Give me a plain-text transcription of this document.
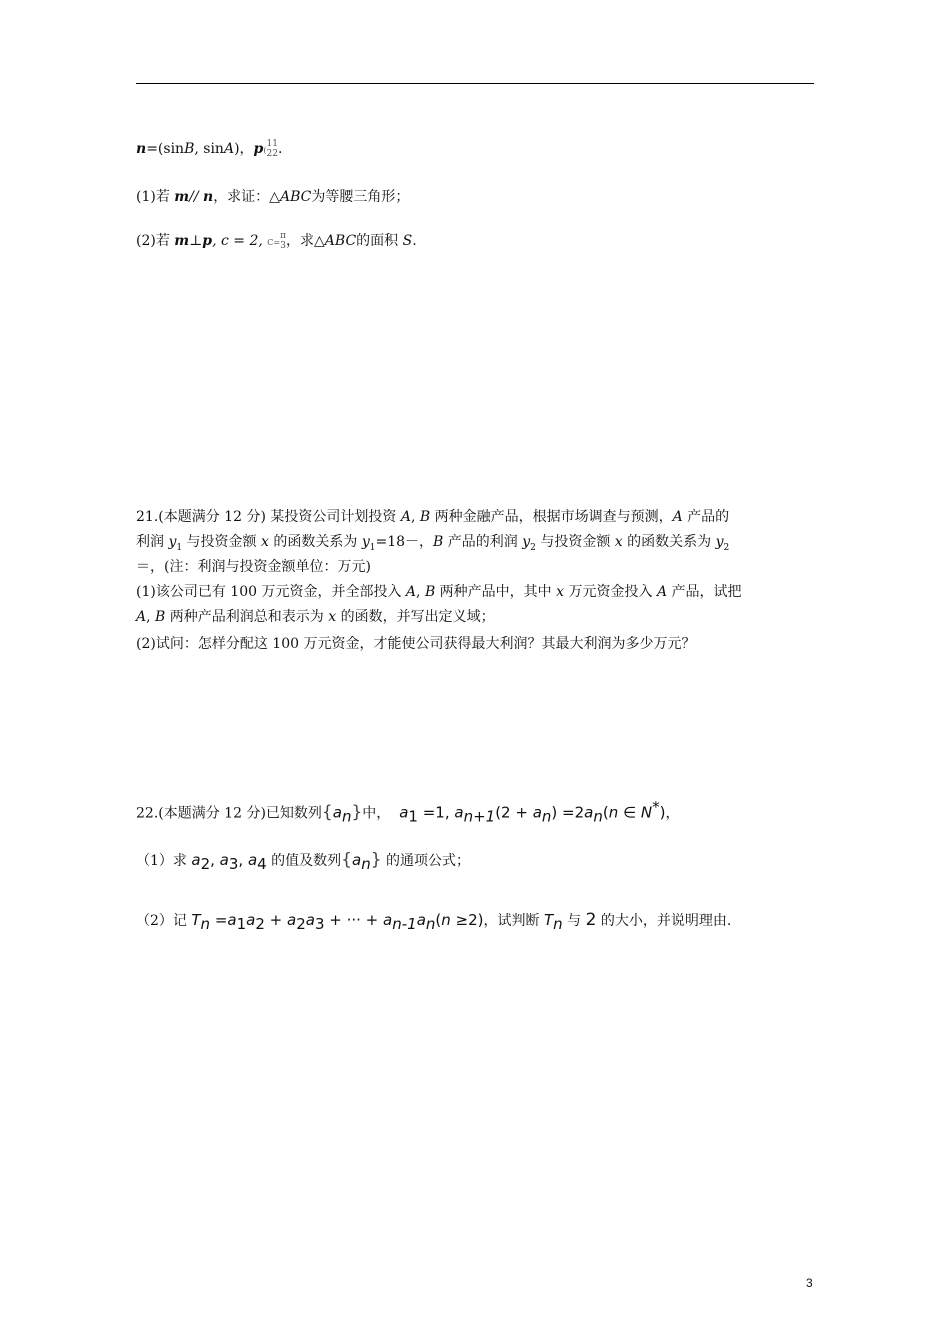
n=(sinB, sinA)，p(
1
2
1
2 .
(1)若 m// n，求证：△ABC为等腰三角形；
(2)若 m⊥p, c = 2, C=
π
3 ，求△ABC的面积 S.
21.(本题满分 12 分) 某投资公司计划投资 A, B 两种金融产品，根据市场调查与预测，A 产品的
利润 $y_1$ 与投资金额 x 的函数关系为 $y_1=18-$，B 产品的利润 $y_2$ 与投资金额 x 的函数关系为 $y_2$
＝，(注：利润与投资金额单位：万元)
(1)该公司已有 100 万元资金，并全部投入 A, B 两种产品中，其中 x 万元资金投入 A 产品，试把
A, B 两种产品利润总和表示为 x 的函数，并写出定义域；
(2)试问：怎样分配这 100 万元资金，才能使公司获得最大利润？其最大利润为多少万元？
22.(本题满分 12 分)已知数列$\{a_n\}$中， $a_1 =1$, $a_{n+1}(2 + a_n) =2a_n(n$ ∈ N*)，
（1）求 $a_2$, $a_3$, $a_4$ 的值及数列$\{a_n\}$ 的通项公式；
（2）记 $T_n =a_1a_2 + a_2a_3$ + ··· + $a_{n-1}a_n(n \ge 2)$，试判断 $T_n$ 与 2 的大小，并说明理由.
3
